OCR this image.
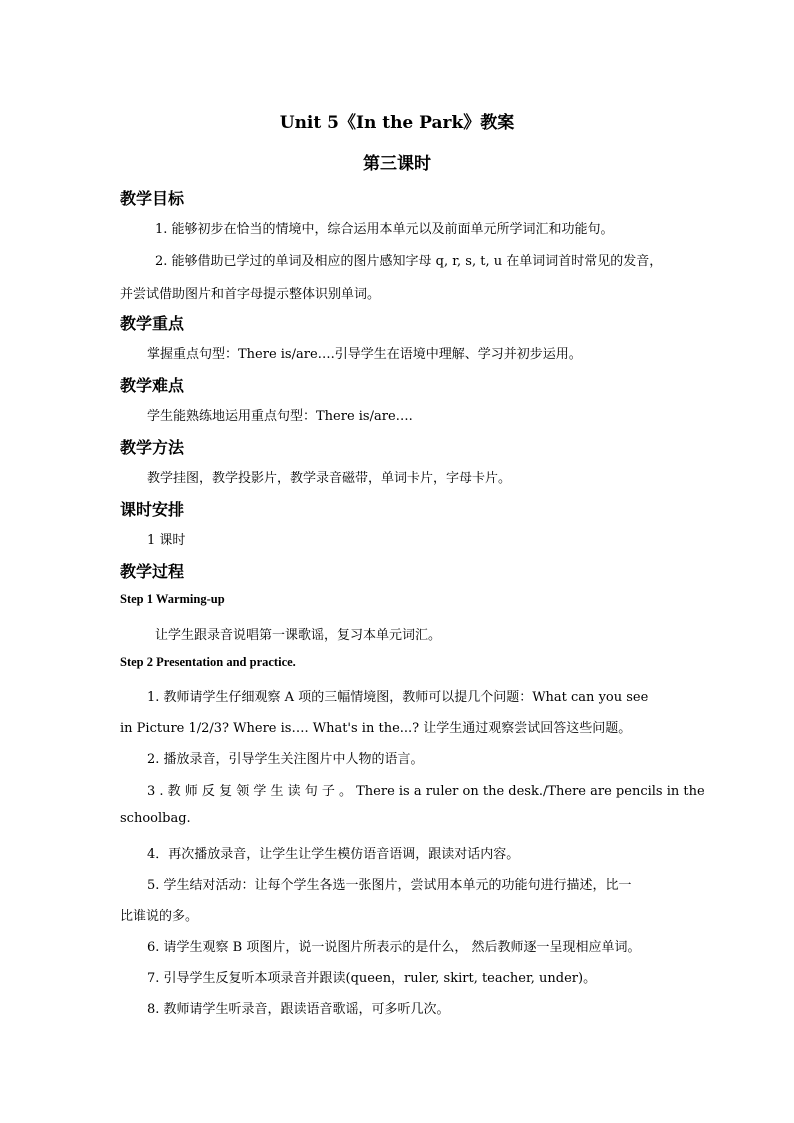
Unit 5《In the Park》教案
第三课时
教学目标
1. 能够初步在恰当的情境中，综合运用本单元以及前面单元所学词汇和功能句。
2. 能够借助已学过的单词及相应的图片感知字母 q, r, s, t, u 在单词词首时常见的发音，
并尝试借助图片和首字母提示整体识别单词。
教学重点
掌握重点句型：There is/are….引导学生在语境中理解、学习并初步运用。
教学难点
学生能熟练地运用重点句型：There is/are….
教学方法
教学挂图，教学投影片，教学录音磁带，单词卡片，字母卡片。
课时安排
1 课时
教学过程
Step 1 Warming-up
让学生跟录音说唱第一课歌谣，复习本单元词汇。
Step 2 Presentation and practice.
1. 教师请学生仔细观察 A 项的三幅情境图，教师可以提几个问题：What can you see
in Picture 1/2/3? Where is…. What's in the...? 让学生通过观察尝试回答这些问题。
2. 播放录音，引导学生关注图片中人物的语言。
3 . 教 师 反 复 领 学 生 读 句 子 。 There is a ruler on the desk./There are pencils in the
schoolbag.
4．再次播放录音，让学生让学生模仿语音语调，跟读对话内容。
5. 学生结对活动：让每个学生各选一张图片，尝试用本单元的功能句进行描述，比一
比谁说的多。
6. 请学生观察 B 项图片，说一说图片所表示的是什么， 然后教师逐一呈现相应单词。
7. 引导学生反复听本项录音并跟读(queen，ruler, skirt, teacher, under)。
8. 教师请学生听录音，跟读语音歌谣，可多听几次。
